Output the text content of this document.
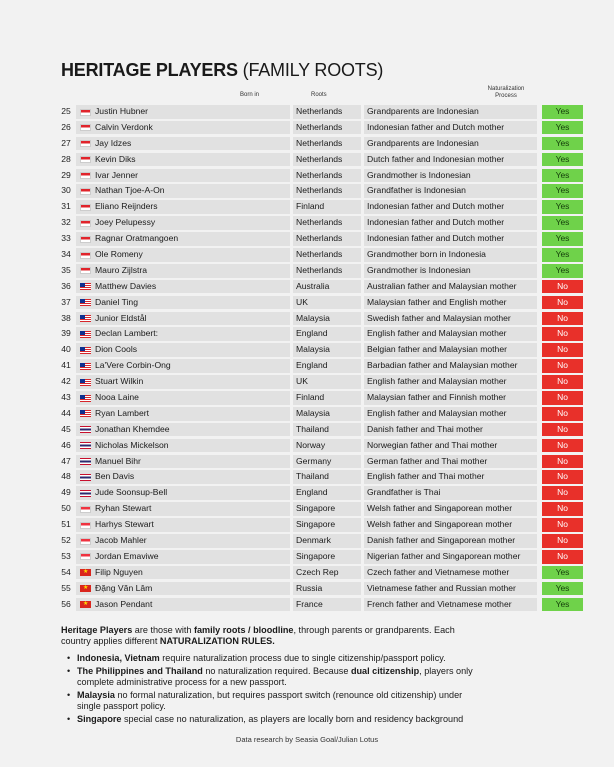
HERITAGE PLAYERS (FAMILY ROOTS)
Born in	Roots
Naturalization Process
25	Justin Hubner	Netherlands	Grandparents are Indonesian	Yes
26	Calvin Verdonk	Netherlands	Indonesian father and Dutch mother	Yes
27	Jay Idzes	Netherlands	Grandparents are Indonesian	Yes
28	Kevin Diks	Netherlands	Dutch father and Indonesian mother	Yes
29	Ivar Jenner	Netherlands	Grandmother is Indonesian	Yes
30	Nathan Tjoe-A-On	Netherlands	Grandfather is Indonesian	Yes
31	Eliano Reijnders	Finland	Indonesian father and Dutch mother	Yes
32	Joey Pelupessy	Netherlands	Indonesian father and Dutch mother	Yes
33	Ragnar Oratmangoen	Netherlands	Indonesian father and Dutch mother	Yes
34	Ole Romeny	Netherlands	Grandmother born in Indonesia	Yes
35	Mauro Zijlstra	Netherlands	Grandmother is Indonesian	Yes
36	Matthew Davies	Australia	Australian father and Malaysian mother	No
37	Daniel Ting	UK	Malaysian father and English mother	No
38	Junior Eldstål	Malaysia	Swedish father and Malaysian mother	No
39	Declan Lambert:	England	English father and Malaysian mother	No
40	Dion Cools	Malaysia	Belgian father and Malaysian mother	No
41	La'Vere Corbin-Ong	England	Barbadian father and Malaysian mother	No
42	Stuart Wilkin	UK	English father and Malaysian mother	No
43	Nooa Laine	Finland	Malaysian father and Finnish mother	No
44	Ryan Lambert	Malaysia	English father and Malaysian mother	No
45	Jonathan Khemdee	Thailand	Danish father and Thai mother	No
46	Nicholas Mickelson	Norway	Norwegian father and Thai mother	No
47	Manuel Bihr	Germany	German father and Thai mother	No
48	Ben Davis	Thailand	English father and Thai mother	No
49	Jude Soonsup-Bell	England	Grandfather is Thai	No
50	Ryhan Stewart	Singapore	Welsh father and Singaporean mother	No
51	Harhys Stewart	Singapore	Welsh father and Singaporean mother	No
52	Jacob Mahler	Denmark	Danish father and Singaporean mother	No
53	Jordan Emaviwe	Singapore	Nigerian father and Singaporean mother	No
54 ★	Filip Nguyen	Czech Rep	Czech father and Vietnamese mother	Yes
55 ★	Đặng Văn Lâm	Russia	Vietnamese father and Russian mother	Yes
56 ★	Jason Pendant	France	French father and Vietnamese mother	Yes

Heritage Players are those with family roots / bloodline, through parents or grandparents. Each country applies different NATURALIZATION RULES.

• Indonesia, Vietnam require naturalization process due to single citizenship/passport policy.
• The Philippines and Thailand no naturalization required. Because dual citizenship, players only complete administrative process for a new passport.
• Malaysia no formal naturalization, but requires passport switch (renounce old citizenship) under single passport policy.
• Singapore special case no naturalization, as players are locally born and residency background
Data research by Seasia Goal/Julian Lotus
